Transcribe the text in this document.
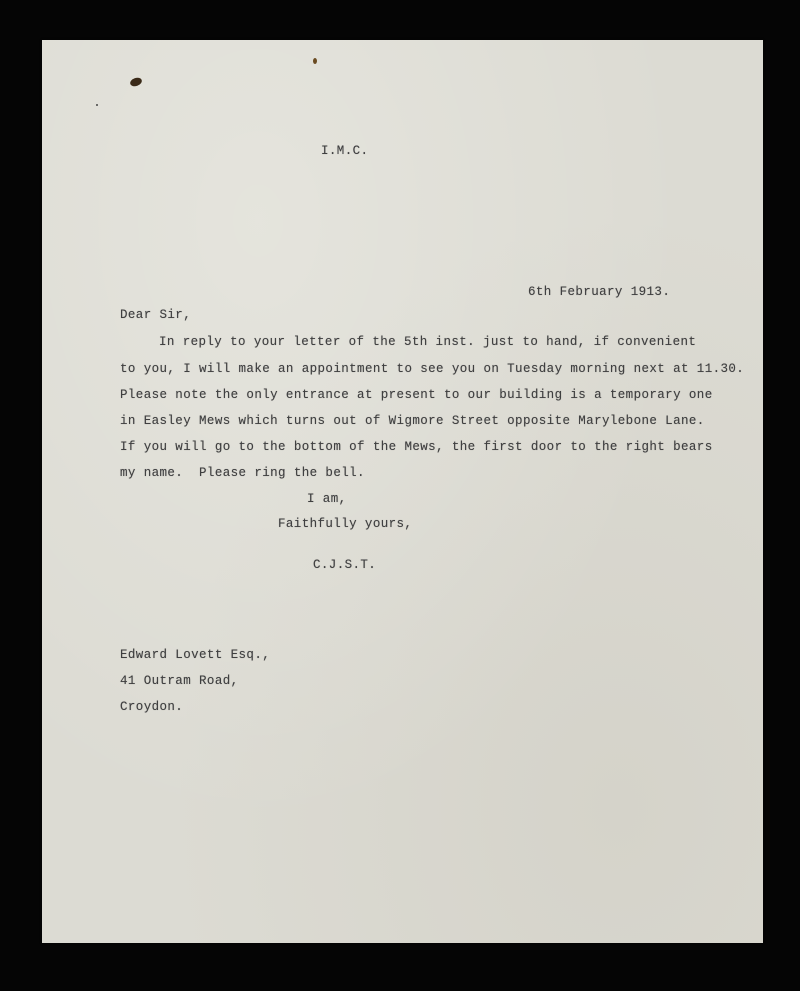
I.M.C.
6th February 1913.
Dear Sir,
In reply to your letter of the 5th inst. just to hand, if convenient
to you, I will make an appointment to see you on Tuesday morning next at 11.30.
Please note the only entrance at present to our building is a temporary one
in Easley Mews which turns out of Wigmore Street opposite Marylebone Lane.
If you will go to the bottom of the Mews, the first door to the right bears
my name.  Please ring the bell.
I am,
Faithfully yours,
C.J.S.T.
Edward Lovett Esq.,
41 Outram Road,
Croydon.
